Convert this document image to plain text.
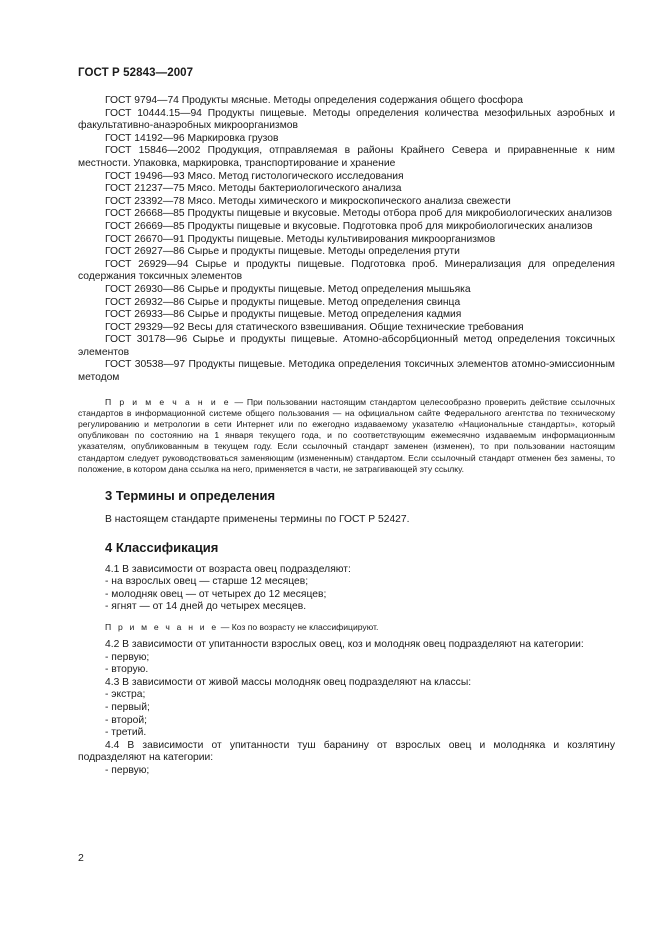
ГОСТ Р 52843—2007

ГОСТ 9794—74 Продукты мясные. Методы определения содержания общего фосфора

ГОСТ 10444.15—94 Продукты пищевые. Методы определения количества мезофильных аэробных и факультативно-анаэробных микроорганизмов

ГОСТ 14192—96 Маркировка грузов

ГОСТ 15846—2002 Продукция, отправляемая в районы Крайнего Севера и приравненные к ним местности. Упаковка, маркировка, транспортирование и хранение

ГОСТ 19496—93 Мясо. Метод гистологического исследования

ГОСТ 21237—75 Мясо. Методы бактериологического анализа

ГОСТ 23392—78 Мясо. Методы химического и микроскопического анализа свежести

ГОСТ 26668—85 Продукты пищевые и вкусовые. Методы отбора проб для микробиологических анализов

ГОСТ 26669—85 Продукты пищевые и вкусовые. Подготовка проб для микробиологических анализов

ГОСТ 26670—91 Продукты пищевые. Методы культивирования микроорганизмов

ГОСТ 26927—86 Сырье и продукты пищевые. Методы определения ртути

ГОСТ 26929—94 Сырье и продукты пищевые. Подготовка проб. Минерализация для определения содержания токсичных элементов

ГОСТ 26930—86 Сырье и продукты пищевые. Метод определения мышьяка

ГОСТ 26932—86 Сырье и продукты пищевые. Метод определения свинца

ГОСТ 26933—86 Сырье и продукты пищевые. Метод определения кадмия

ГОСТ 29329—92 Весы для статического взвешивания. Общие технические требования

ГОСТ 30178—96 Сырье и продукты пищевые. Атомно-абсорбционный метод определения токсичных элементов

ГОСТ 30538—97 Продукты пищевые. Методика определения токсичных элементов атомно-эмиссионным методом

П р и м е ч а н и е — При пользовании настоящим стандартом целесообразно проверить действие ссылочных стандартов в информационной системе общего пользования — на официальном сайте Федерального агентства по техническому регулированию и метрологии в сети Интернет или по ежегодно издаваемому указателю «Национальные стандарты», который опубликован по состоянию на 1 января текущего года, и по соответствующим ежемесячно издаваемым информационным указателям, опубликованным в текущем году. Если ссылочный стандарт заменен (изменен), то при пользовании настоящим стандартом следует руководствоваться заменяющим (измененным) стандартом. Если ссылочный стандарт отменен без замены, то положение, в котором дана ссылка на него, применяется в части, не затрагивающей эту ссылку.
3 Термины и определения

В настоящем стандарте применены термины по ГОСТ Р 52427.

4 Классификация

4.1 В зависимости от возраста овец подразделяют:

- на взрослых овец — старше 12 месяцев;

- молодняк овец — от четырех до 12 месяцев;

- ягнят — от 14 дней до четырех месяцев.

П р и м е ч а н и е — Коз по возрасту не классифицируют.

4.2 В зависимости от упитанности взрослых овец, коз и молодняк овец подразделяют на категории:

- первую;

- вторую.

4.3 В зависимости от живой массы молодняк овец подразделяют на классы:

- экстра;

- первый;

- второй;

- третий.

4.4 В зависимости от упитанности туш баранину от взрослых овец и молодняка и козлятину подразделяют на категории:

- первую;

2
